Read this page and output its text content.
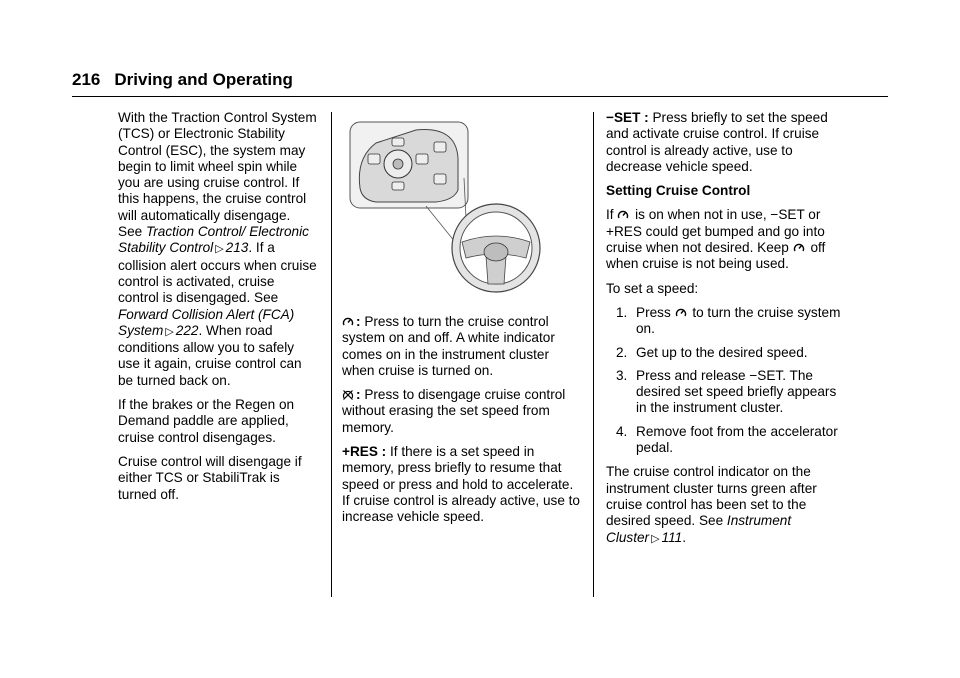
216 Driving and Operating

With the Traction Control System (TCS) or Electronic Stability Control (ESC), the system may begin to limit wheel spin while you are using cruise control. If this happens, the cruise control will automatically disengage. See Traction Control/ Electronic Stability Control ▷ 213. If a collision alert occurs when cruise control is activated, cruise control is disengaged. See Forward Collision Alert (FCA) System ▷ 222. When road conditions allow you to safely use it again, cruise control can be turned back on.

If the brakes or the Regen on Demand paddle are applied, cruise control disengages.

Cruise control will disengage if either TCS or StabiliTrak is turned off.

: Press to turn the cruise control system on and off. A white indicator comes on in the instrument cluster when cruise is turned on.

: Press to disengage cruise control without erasing the set speed from memory.

+RES : If there is a set speed in memory, press briefly to resume that speed or press and hold to accelerate. If cruise control is already active, use to increase vehicle speed.

−SET : Press briefly to set the speed and activate cruise control. If cruise control is already active, use to decrease vehicle speed.

Setting Cruise Control

If is on when not in use, −SET or +RES could get bumped and go into cruise when not desired. Keep off when cruise is not being used.

To set a speed:

1. Press to turn the cruise system on.
2. Get up to the desired speed.
3. Press and release −SET. The desired set speed briefly appears in the instrument cluster.
4. Remove foot from the accelerator pedal.

The cruise control indicator on the instrument cluster turns green after cruise control has been set to the desired speed. See Instrument Cluster ▷ 111.
